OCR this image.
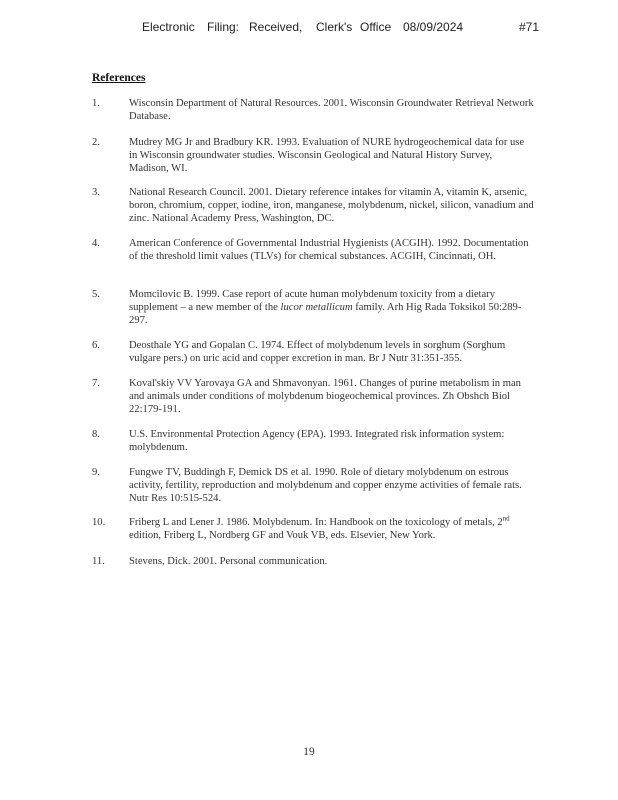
Electronic Filing: Received, Clerk's Office 08/09/2024	#71
References
1.	Wisconsin Department of Natural Resources. 2001. Wisconsin Groundwater Retrieval Network Database.
2.	Mudrey MG Jr and Bradbury KR. 1993. Evaluation of NURE hydrogeochemical data for use in Wisconsin groundwater studies. Wisconsin Geological and Natural History Survey, Madison, WI.
3.	National Research Council. 2001. Dietary reference intakes for vitamin A, vitamin K, arsenic, boron, chromium, copper, iodine, iron, manganese, molybdenum, nickel, silicon, vanadium and zinc. National Academy Press, Washington, DC.
4.	American Conference of Governmental Industrial Hygienists (ACGIH). 1992. Documentation of the threshold limit values (TLVs) for chemical substances. ACGIH, Cincinnati, OH.
5.	Momcilovic B. 1999. Case report of acute human molybdenum toxicity from a dietary supplement – a new member of the lucor metallicum family. Arh Hig Rada Toksikol 50:289-297.
6.	Deosthale YG and Gopalan C. 1974. Effect of molybdenum levels in sorghum (Sorghum vulgare pers.) on uric acid and copper excretion in man. Br J Nutr 31:351-355.
7.	Koval'skiy VV Yarovaya GA and Shmavonyan. 1961. Changes of purine metabolism in man and animals under conditions of molybdenum biogeochemical provinces. Zh Obshch Biol 22:179-191.
8.	U.S. Environmental Protection Agency (EPA). 1993. Integrated risk information system: molybdenum.
9.	Fungwe TV, Buddingh F, Demick DS et al. 1990. Role of dietary molybdenum on estrous activity, fertility, reproduction and molybdenum and copper enzyme activities of female rats. Nutr Res 10:515-524.
10. Friberg L and Lener J. 1986. Molybdenum. In: Handbook on the toxicology of metals, 2nd edition, Friberg L, Nordberg GF and Vouk VB, eds. Elsevier, New York.
11. Stevens, Dick. 2001. Personal communication.
19
